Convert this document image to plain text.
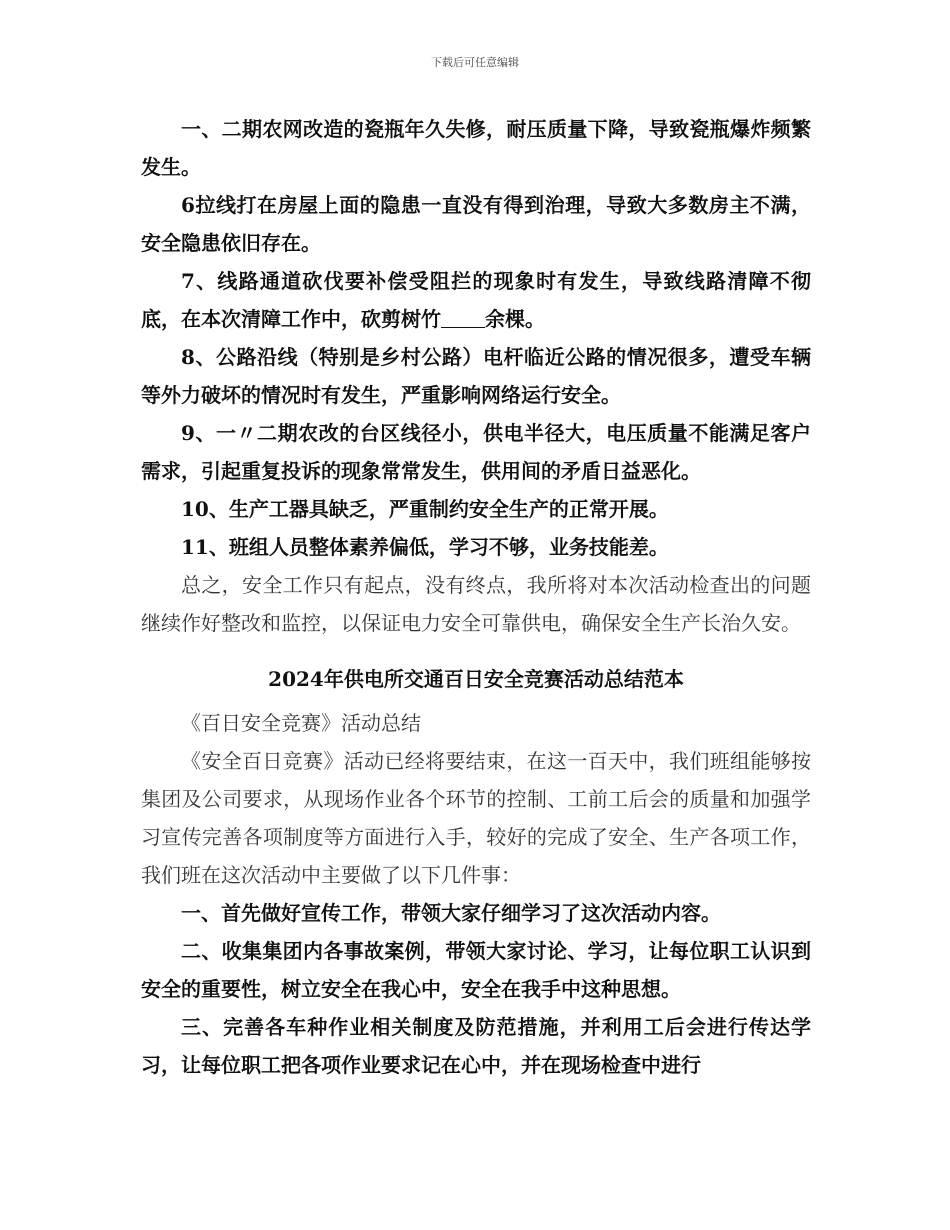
下载后可任意编辑

一、二期农网改造的瓷瓶年久失修，耐压质量下降，导致瓷瓶爆炸频繁发生。

6拉线打在房屋上面的隐患一直没有得到治理，导致大多数房主不满，安全隐患依旧存在。

7、线路通道砍伐要补偿受阻拦的现象时有发生，导致线路清障不彻底，在本次清障工作中，砍剪树竹 余棵。

8、公路沿线（特别是乡村公路）电杆临近公路的情况很多，遭受车辆等外力破坏的情况时有发生，严重影响网络运行安全。

9、一〃二期农改的台区线径小，供电半径大，电压质量不能满足客户需求，引起重复投诉的现象常常发生，供用间的矛盾日益恶化。

10、生产工器具缺乏，严重制约安全生产的正常开展。

11、班组人员整体素养偏低，学习不够，业务技能差。

总之，安全工作只有起点，没有终点，我所将对本次活动检查出的问题继续作好整改和监控，以保证电力安全可靠供电，确保安全生产长治久安。

2024年供电所交通百日安全竞赛活动总结范本

《百日安全竞赛》活动总结

《安全百日竞赛》活动已经将要结束，在这一百天中，我们班组能够按集团及公司要求，从现场作业各个环节的控制、工前工后会的质量和加强学习宣传完善各项制度等方面进行入手，较好的完成了安全、生产各项工作，我们班在这次活动中主要做了以下几件事：

一、首先做好宣传工作，带领大家仔细学习了这次活动内容。

二、收集集团内各事故案例，带领大家讨论、学习，让每位职工认识到安全的重要性，树立安全在我心中，安全在我手中这种思想。

三、完善各车种作业相关制度及防范措施，并利用工后会进行传达学习，让每位职工把各项作业要求记在心中，并在现场检查中进行
